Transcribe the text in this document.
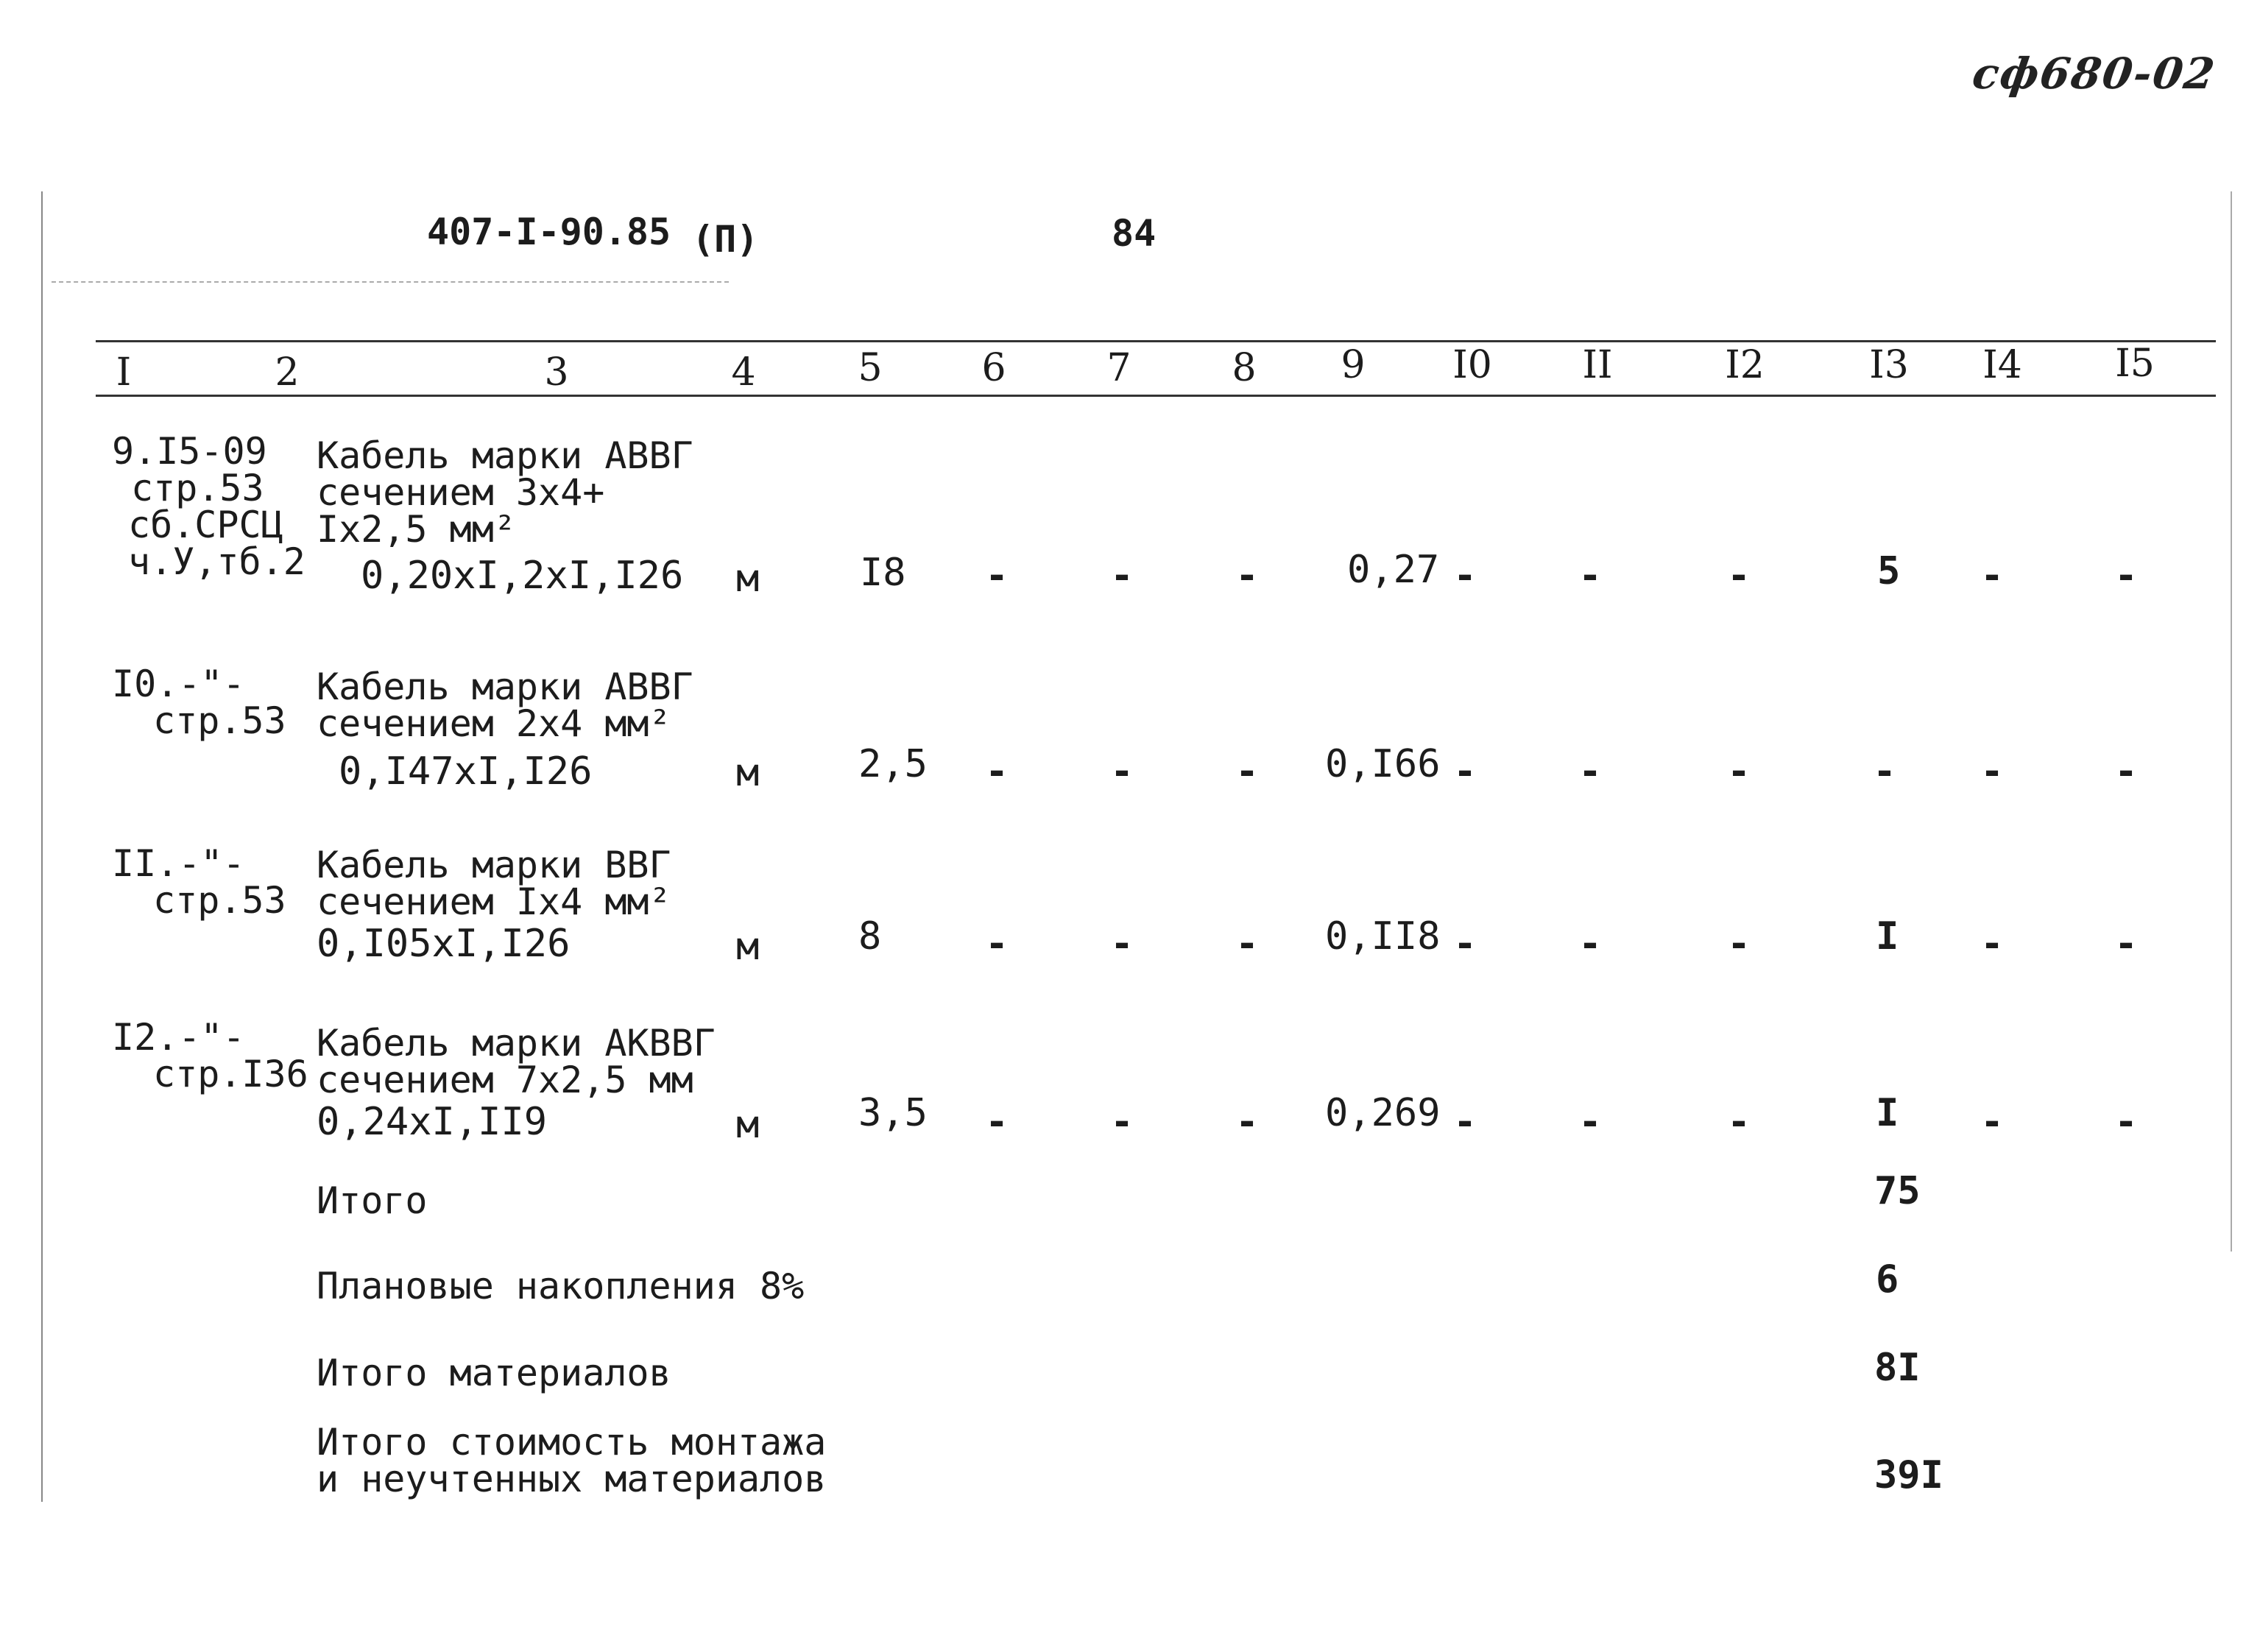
сф680-02
407-I-90.85 (П)	84
I	2	3	4	5	6	7	8	9	I0	II	I2	I3 I4 I5
9.I5-09
стр.53
сб.СРСЦ
ч.У,тб.2
Кабель марки АВВГ
сечением 3х4+
Iх2,5 мм²
0,20хI,2хI,I26 м	I8 -	-	- 0,27 -	-	-	5 -	-
I0.-"-
стр.53
Кабель марки АВВГ
сечением 2х4 мм²
0,I47хI,I26	м	2,5 -	-	- 0,I66 -	-	-	- -	-
II.-"-
стр.53
Кабель марки ВВГ
сечением Iх4 мм²
0,I05хI,I26	м	8	-	-	- 0,II8 -	-	-	I -	-
I2.-"-
стр.I36
Кабель марки АКВВГ
сечением 7х2,5 мм
0,24хI,II9	м	3,5 -	-	- 0,269 -	-	-	I -	-
Итого	75
Плановые накопления 8%	6
Итого материалов	8I
Итого стоимость монтажа
и неучтенных материалов	39I
